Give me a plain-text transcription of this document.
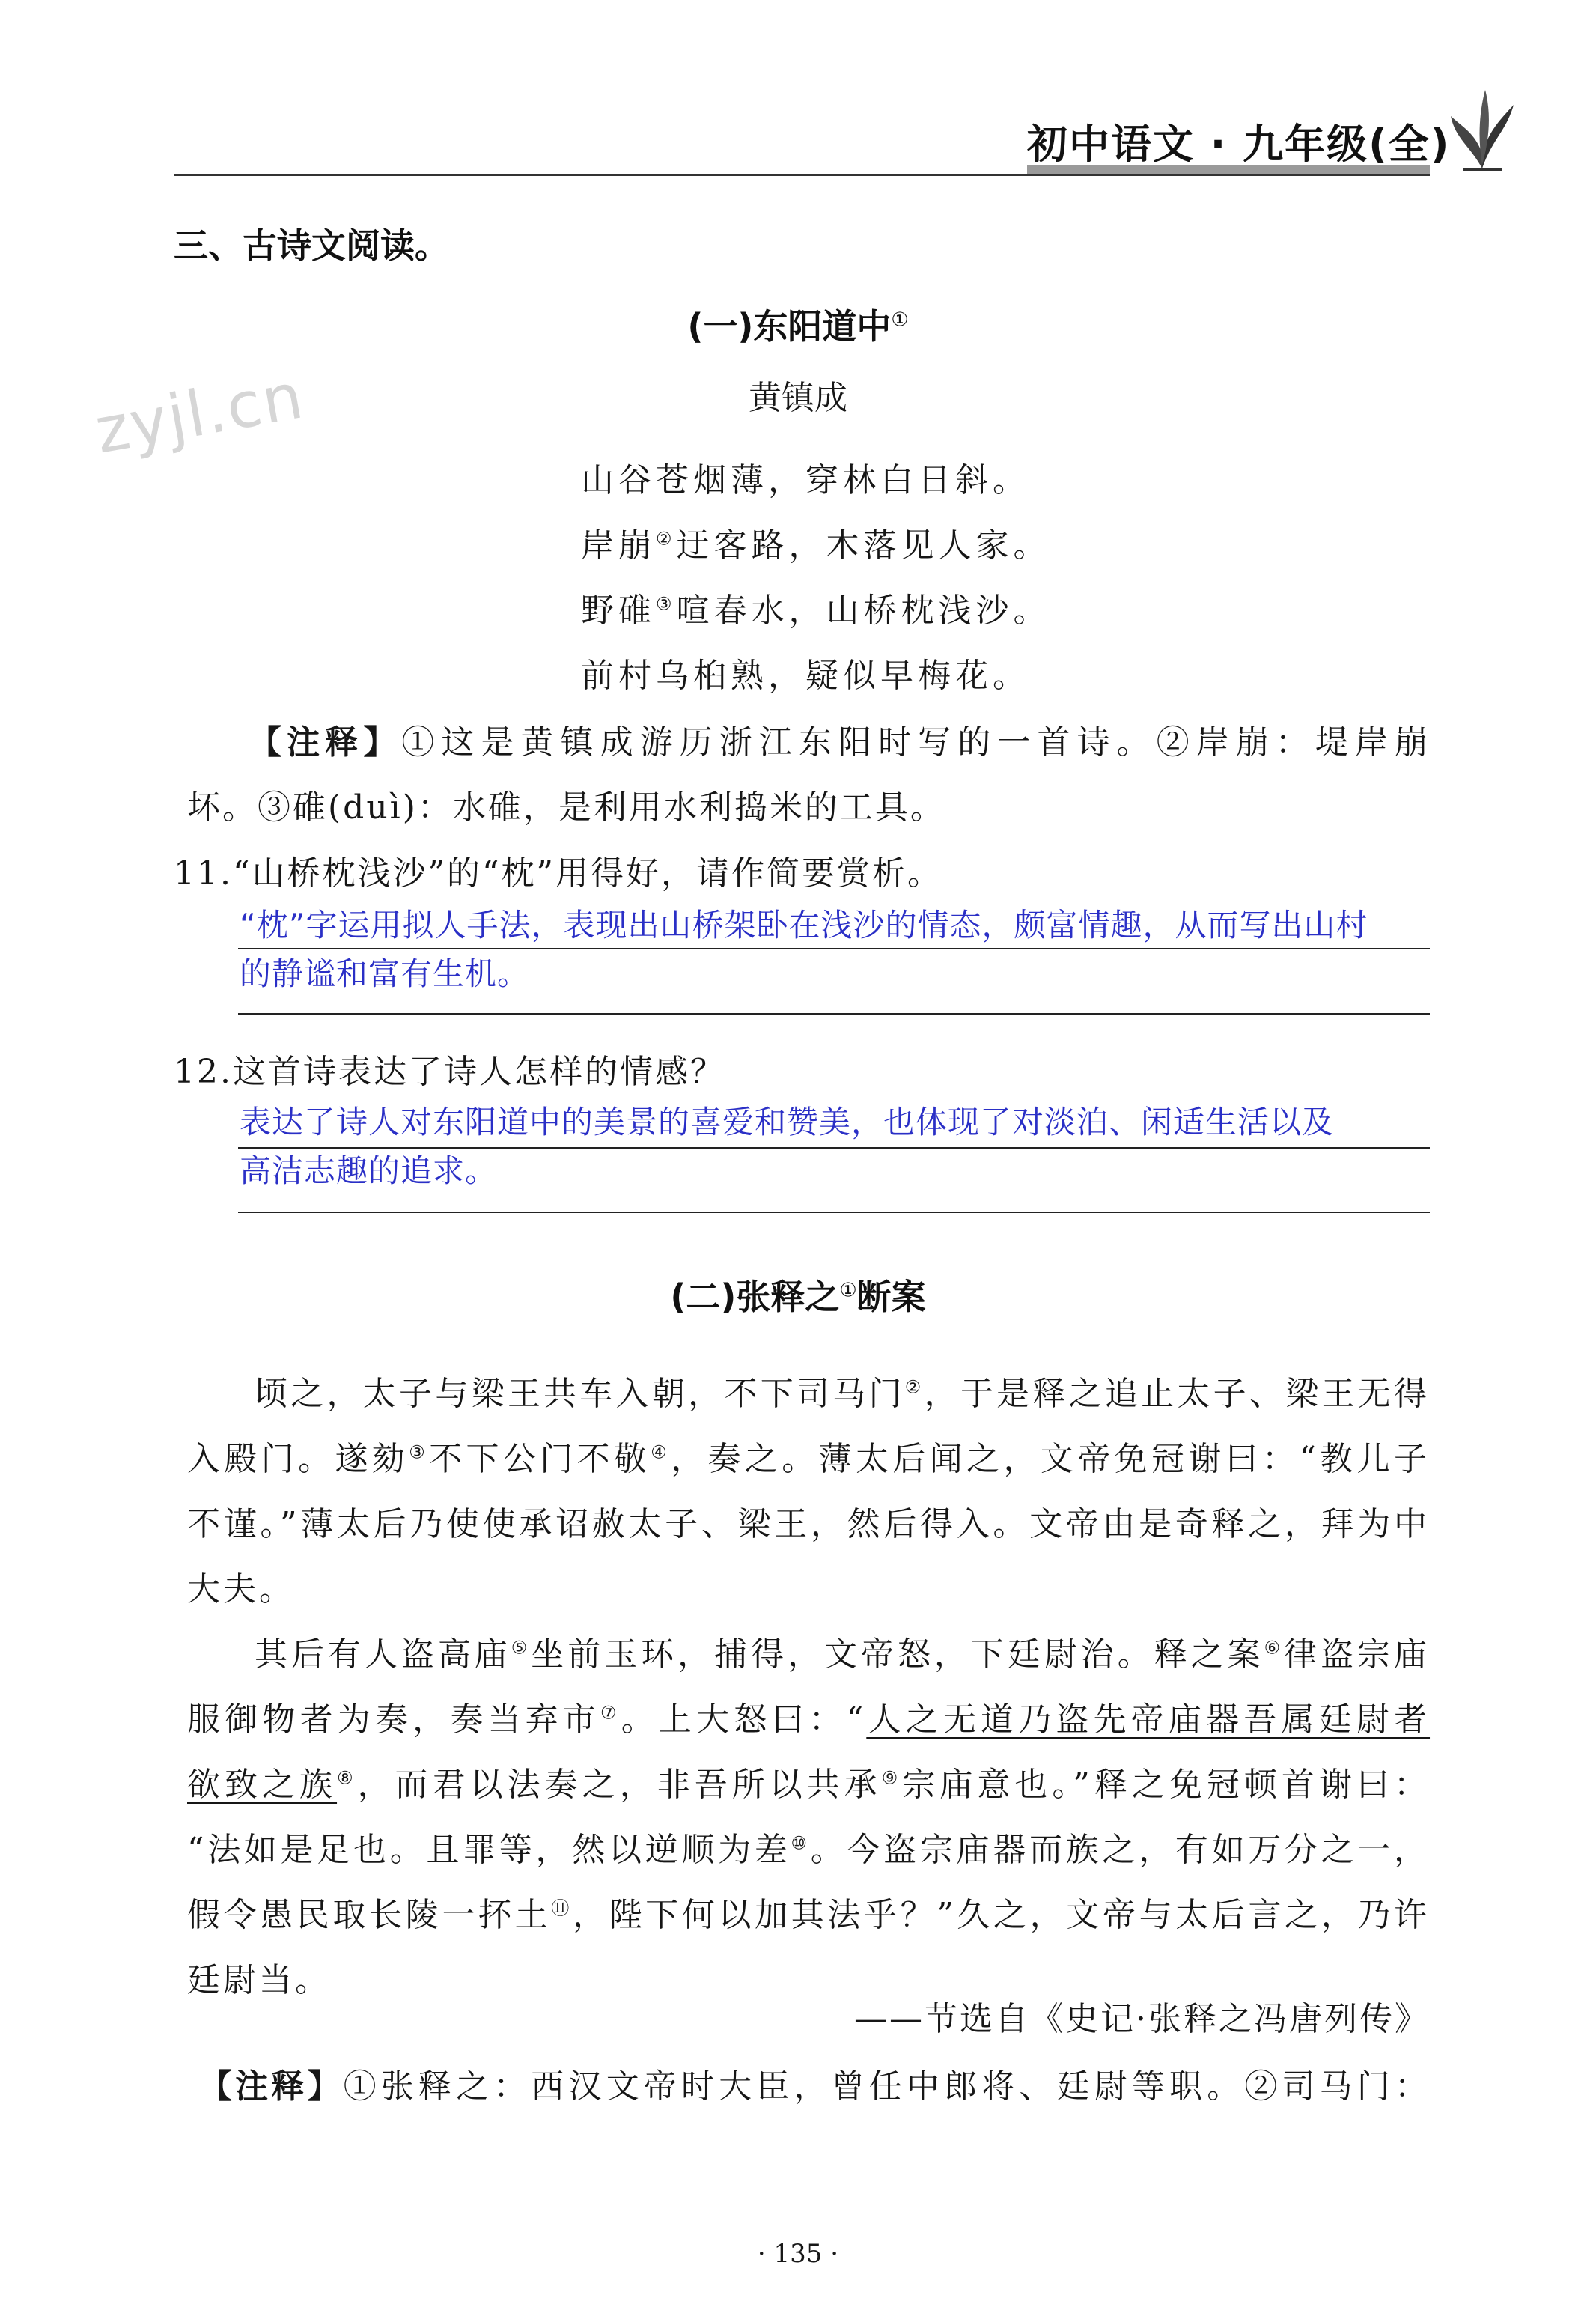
初中语文 · 九年级(全)
zyjl.cn
三、古诗文阅读。
(一)东阳道中①
黄镇成
山谷苍烟薄，穿林白日斜。
岸崩②迂客路，木落见人家。
野碓③喧春水，山桥枕浅沙。
前村乌桕熟，疑似早梅花。
【注释】①这是黄镇成游历浙江东阳时写的一首诗。②岸崩：堤岸崩
坏。③碓(duì)：水碓，是利用水利捣米的工具。
11.“山桥枕浅沙”的“枕”用得好，请作简要赏析。
“枕”字运用拟人手法，表现出山桥架卧在浅沙的情态，颇富情趣，从而写出山村
的静谧和富有生机。
12.这首诗表达了诗人怎样的情感？
表达了诗人对东阳道中的美景的喜爱和赞美，也体现了对淡泊、闲适生活以及
高洁志趣的追求。
(二)张释之①断案
顷之，太子与梁王共车入朝，不下司马门②，于是释之追止太子、梁王无得
入殿门。遂劾③不下公门不敬④，奏之。薄太后闻之，文帝免冠谢曰：“教儿子
不谨。”薄太后乃使使承诏赦太子、梁王，然后得入。文帝由是奇释之，拜为中
大夫。
其后有人盗高庙⑤坐前玉环，捕得，文帝怒，下廷尉治。释之案⑥律盗宗庙
服御物者为奏，奏当弃市⑦。上大怒曰：“人之无道乃盗先帝庙器吾属廷尉者
欲致之族⑧，而君以法奏之，非吾所以共承⑨宗庙意也。”释之免冠顿首谢曰：
“法如是足也。且罪等，然以逆顺为差⑩。今盗宗庙器而族之，有如万分之一，
假令愚民取长陵一抔土⑪，陛下何以加其法乎？”久之，文帝与太后言之，乃许
廷尉当。
——节选自《史记·张释之冯唐列传》
【注释】①张释之：西汉文帝时大臣，曾任中郎将、廷尉等职。②司马门：
· 135 ·
